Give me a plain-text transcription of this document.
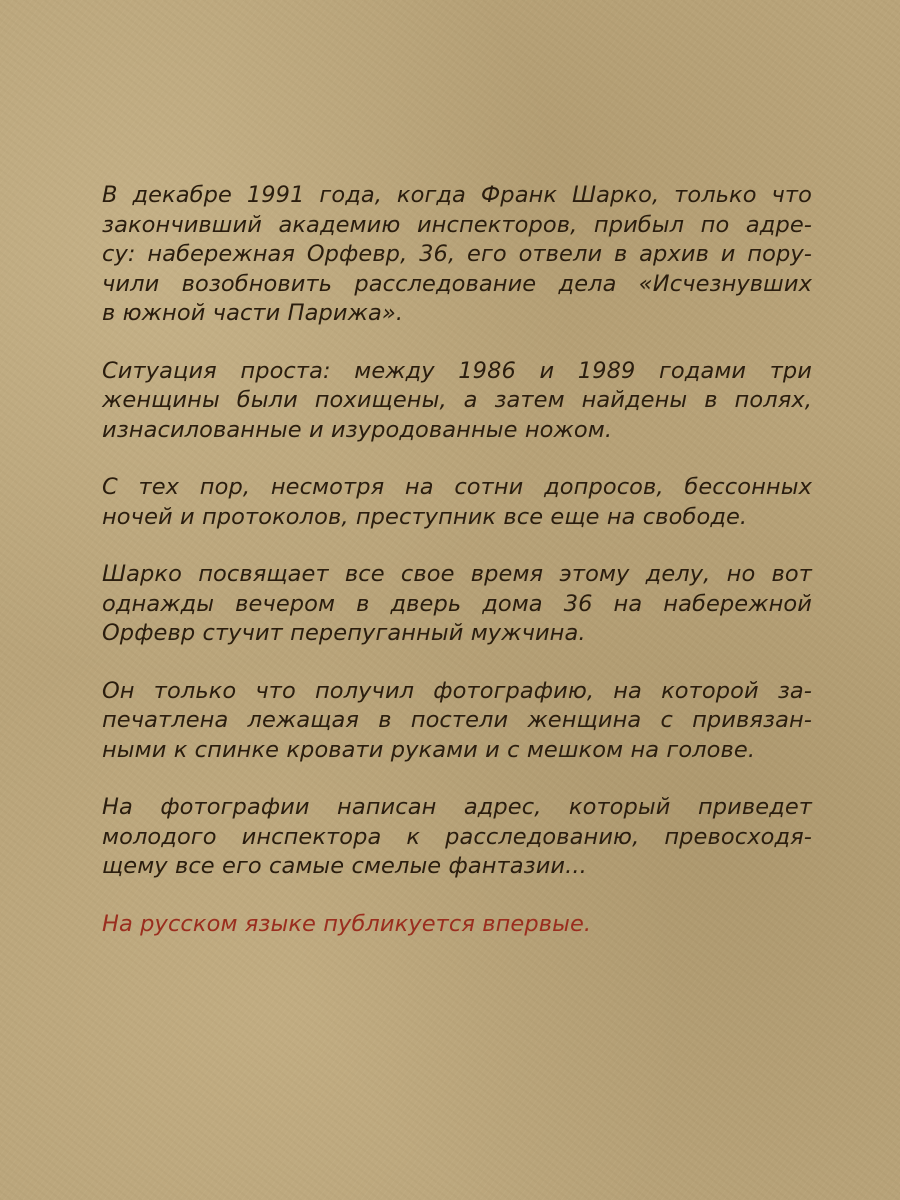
В декабре 1991 года, когда Франк Шарко, только что
закончивший академию инспекторов, прибыл по адре-
су: набережная Орфевр, 36, его отвели в архив и пору-
чили возобновить расследование дела «Исчезнувших
в южной части Парижа».

Ситуация проста: между 1986 и 1989 годами три
женщины были похищены, а затем найдены в полях,
изнасилованные и изуродованные ножом.

С тех пор, несмотря на сотни допросов, бессонных
ночей и протоколов, преступник все еще на свободе.

Шарко посвящает все свое время этому делу, но вот
однажды вечером в дверь дома 36 на набережной
Орфевр стучит перепуганный мужчина.

Он только что получил фотографию, на которой за-
печатлена лежащая в постели женщина с привязан-
ными к спинке кровати руками и с мешком на голове.

На фотографии написан адрес, который приведет
молодого инспектора к расследованию, превосходя-
щему все его самые смелые фантазии...

На русском языке публикуется впервые.
